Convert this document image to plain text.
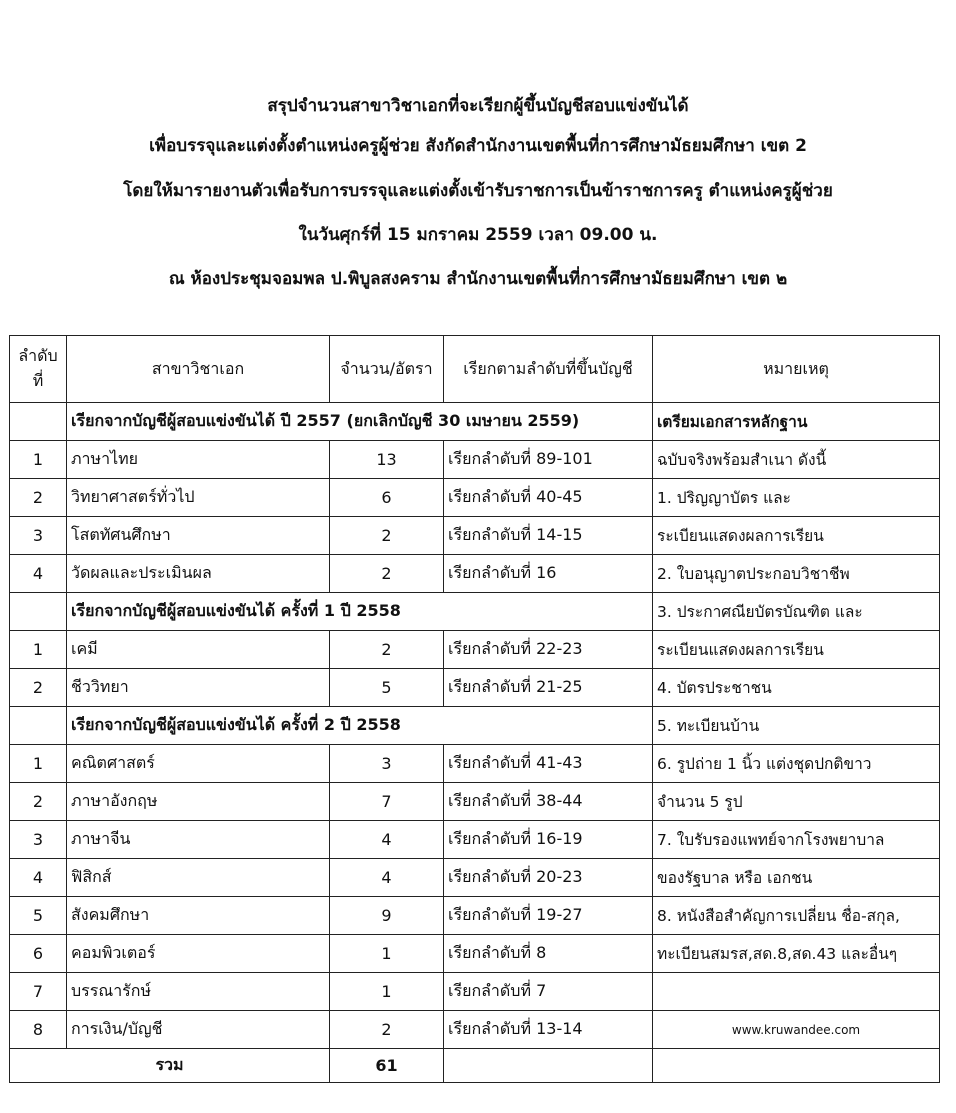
สรุปจำนวนสาขาวิชาเอกที่จะเรียกผู้ขึ้นบัญชีสอบแข่งขันได้
เพื่อบรรจุและแต่งตั้งตำแหน่งครูผู้ช่วย สังกัดสำนักงานเขตพื้นที่การศึกษามัธยมศึกษา เขต 2
โดยให้มารายงานตัวเพื่อรับการบรรจุและแต่งตั้งเข้ารับราชการเป็นข้าราชการครู ตำแหน่งครูผู้ช่วย
ในวันศุกร์ที่ 15 มกราคม 2559 เวลา 09.00 น.
ณ ห้องประชุมจอมพล ป.พิบูลสงคราม สำนักงานเขตพื้นที่การศึกษามัธยมศึกษา เขต ๒
ลำดับ
ที่	สาขาวิชาเอก	จำนวน/อัตรา	เรียกตามลำดับที่ขึ้นบัญชี	หมายเหตุ
	เรียกจากบัญชีผู้สอบแข่งขันได้ ปี 2557 (ยกเลิกบัญชี 30 เมษายน 2559)			เตรียมเอกสารหลักฐาน
1	ภาษาไทย	13	เรียกลำดับที่ 89-101	ฉบับจริงพร้อมสำเนา ดังนี้
2	วิทยาศาสตร์ทั่วไป	6	เรียกลำดับที่ 40-45	1. ปริญญาบัตร และ
3	โสตทัศนศึกษา	2	เรียกลำดับที่ 14-15	ระเบียนแสดงผลการเรียน
4	วัดผลและประเมินผล	2	เรียกลำดับที่ 16	2. ใบอนุญาตประกอบวิชาชีพ
	เรียกจากบัญชีผู้สอบแข่งขันได้ ครั้งที่ 1 ปี 2558			3. ประกาศณียบัตรบัณฑิต และ
1	เคมี	2	เรียกลำดับที่ 22-23	ระเบียนแสดงผลการเรียน
2	ชีววิทยา	5	เรียกลำดับที่ 21-25	4. บัตรประชาชน
	เรียกจากบัญชีผู้สอบแข่งขันได้ ครั้งที่ 2 ปี 2558			5. ทะเบียนบ้าน
1	คณิตศาสตร์	3	เรียกลำดับที่ 41-43	6. รูปถ่าย 1 นิ้ว แต่งชุดปกติขาว
2	ภาษาอังกฤษ	7	เรียกลำดับที่ 38-44	จำนวน 5 รูป
3	ภาษาจีน	4	เรียกลำดับที่ 16-19	7. ใบรับรองแพทย์จากโรงพยาบาล
4	ฟิสิกส์	4	เรียกลำดับที่ 20-23	ของรัฐบาล หรือ เอกชน
5	สังคมศึกษา	9	เรียกลำดับที่ 19-27	8. หนังสือสำคัญการเปลี่ยน ชื่อ-สกุล,
6	คอมพิวเตอร์	1	เรียกลำดับที่ 8	ทะเบียนสมรส,สด.8,สด.43 และอื่นๆ
7	บรรณารักษ์	1	เรียกลำดับที่ 7	
8	การเงิน/บัญชี	2	เรียกลำดับที่ 13-14	www.kruwandee.com
รวม		61		
